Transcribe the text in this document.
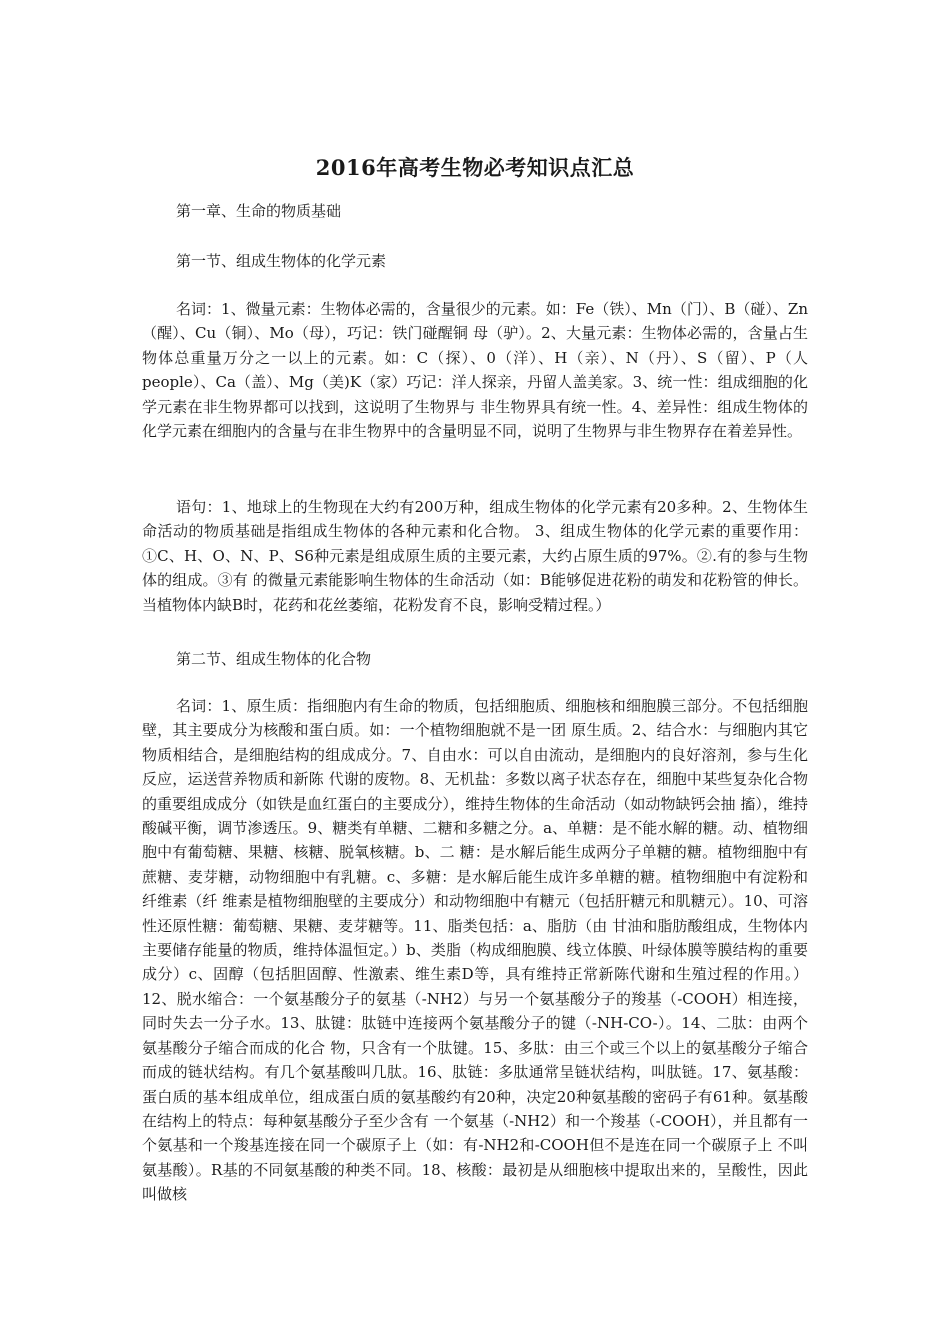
2016年高考生物必考知识点汇总

第一章、生命的物质基础

第一节、组成生物体的化学元素

名词：1、微量元素：生物体必需的，含量很少的元素。如：Fe（铁）、Mn（门）、B（碰）、Zn（醒）、Cu（铜）、Mo（母），巧记：铁门碰醒铜 母（驴）。2、大量元素：生物体必需的，含量占生物体总重量万分之一以上的元素。如：C（探）、0（洋）、H（亲）、N（丹）、S（留）、P（人people）、Ca（盖）、Mg（美)K（家）巧记：洋人探亲，丹留人盖美家。3、统一性：组成细胞的化学元素在非生物界都可以找到，这说明了生物界与 非生物界具有统一性。4、差异性：组成生物体的化学元素在细胞内的含量与在非生物界中的含量明显不同，说明了生物界与非生物界存在着差异性。

语句：1、地球上的生物现在大约有200万种，组成生物体的化学元素有20多种。2、生物体生命活动的物质基础是指组成生物体的各种元素和化合物。 3、组成生物体的化学元素的重要作用：①C、H、O、N、P、S6种元素是组成原生质的主要元素，大约占原生质的97%。②.有的参与生物体的组成。③有 的微量元素能影响生物体的生命活动（如：B能够促进花粉的萌发和花粉管的伸长。当植物体内缺B时，花药和花丝萎缩，花粉发育不良，影响受精过程。）

第二节、组成生物体的化合物

名词：1、原生质：指细胞内有生命的物质，包括细胞质、细胞核和细胞膜三部分。不包括细胞壁，其主要成分为核酸和蛋白质。如：一个植物细胞就不是一团 原生质。2、结合水：与细胞内其它物质相结合，是细胞结构的组成成分。7、自由水：可以自由流动，是细胞内的良好溶剂，参与生化反应，运送营养物质和新陈 代谢的废物。8、无机盐：多数以离子状态存在，细胞中某些复杂化合物的重要组成成分（如铁是血红蛋白的主要成分），维持生物体的生命活动（如动物缺钙会抽 搐），维持酸碱平衡，调节渗透压。9、糖类有单糖、二糖和多糖之分。a、单糖：是不能水解的糖。动、植物细胞中有葡萄糖、果糖、核糖、脱氧核糖。b、二 糖：是水解后能生成两分子单糖的糖。植物细胞中有蔗糖、麦芽糖，动物细胞中有乳糖。c、多糖：是水解后能生成许多单糖的糖。植物细胞中有淀粉和纤维素（纤 维素是植物细胞壁的主要成分）和动物细胞中有糖元（包括肝糖元和肌糖元）。10、可溶性还原性糖：葡萄糖、果糖、麦芽糖等。11、脂类包括：a、脂肪（由 甘油和脂肪酸组成，生物体内主要储存能量的物质，维持体温恒定。）b、类脂（构成细胞膜、线立体膜、叶绿体膜等膜结构的重要成分）c、固醇（包括胆固醇、性激素、维生素D等，具有维持正常新陈代谢和生殖过程的作用。）12、脱水缩合：一个氨基酸分子的氨基（-NH2）与另一个氨基酸分子的羧基（-COOH）相连接，同时失去一分子水。13、肽键：肽链中连接两个氨基酸分子的键（-NH-CO-）。14、二肽：由两个氨基酸分子缩合而成的化合 物，只含有一个肽键。15、多肽：由三个或三个以上的氨基酸分子缩合而成的链状结构。有几个氨基酸叫几肽。16、肽链：多肽通常呈链状结构，叫肽链。17、氨基酸：蛋白质的基本组成单位，组成蛋白质的氨基酸约有20种，决定20种氨基酸的密码子有61种。氨基酸在结构上的特点：每种氨基酸分子至少含有 一个氨基（-NH2）和一个羧基（-COOH），并且都有一个氨基和一个羧基连接在同一个碳原子上（如：有-NH2和-COOH但不是连在同一个碳原子上 不叫氨基酸）。R基的不同氨基酸的种类不同。18、核酸：最初是从细胞核中提取出来的，呈酸性，因此叫做核
